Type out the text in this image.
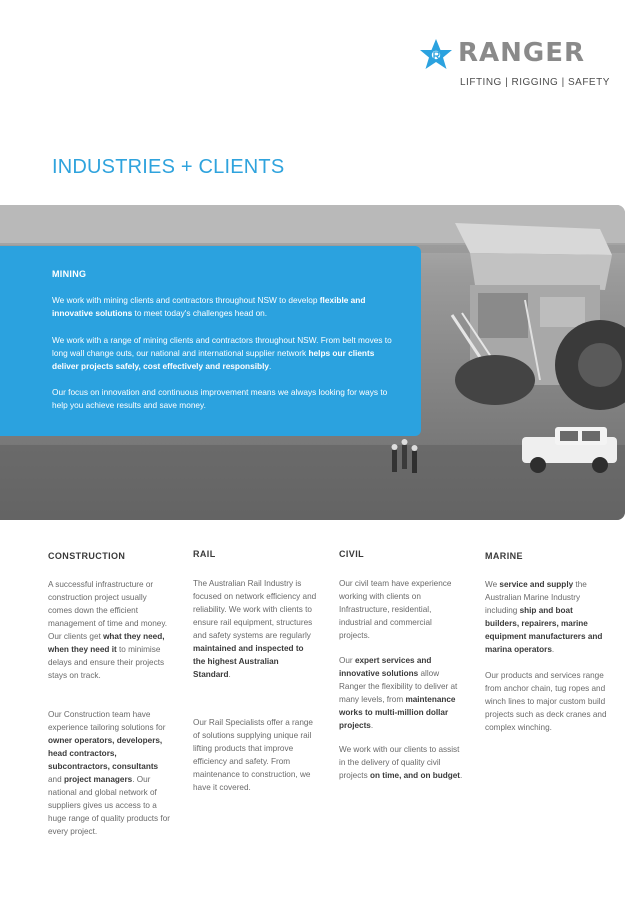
RANGER
LIFTING | RIGGING | SAFETY
INDUSTRIES + CLIENTS
MINING

We work with mining clients and contractors throughout NSW to develop flexible and innovative solutions to meet today's challenges head on.

We work with a range of mining clients and contractors throughout NSW. From belt moves to long wall change outs, our national and international supplier network helps our clients deliver projects safely, cost effectively and responsibly.

Our focus on innovation and continuous improvement means we always looking for ways to help you achieve results and save money.

CONSTRUCTION

A successful infrastructure or construction project usually comes down the efficient management of time and money. Our clients get what they need, when they need it to minimise delays and ensure their projects stays on track.

Our Construction team have experience tailoring solutions for owner operators, developers, head contractors, subcontractors, consultants and project managers. Our national and global network of suppliers gives us access to a huge range of quality products for every project.

RAIL

The Australian Rail Industry is focused on network efficiency and reliability. We work with clients to ensure rail equipment, structures and safety systems are regularly maintained and inspected to the highest Australian Standard.

Our Rail Specialists offer a range of solutions supplying unique rail lifting products that improve efficiency and safety. From maintenance to construction, we have it covered.

CIVIL

Our civil team have experience working with clients on Infrastructure, residential, industrial and commercial projects.

Our expert services and innovative solutions allow Ranger the flexibility to deliver at many levels, from maintenance works to multi-million dollar projects.

We work with our clients to assist in the delivery of quality civil projects on time, and on budget.

MARINE

We service and supply the Australian Marine Industry including ship and boat builders, repairers, marine equipment manufacturers and marina operators.

Our products and services range from anchor chain, tug ropes and winch lines to major custom build projects such as deck cranes and complex winching.
